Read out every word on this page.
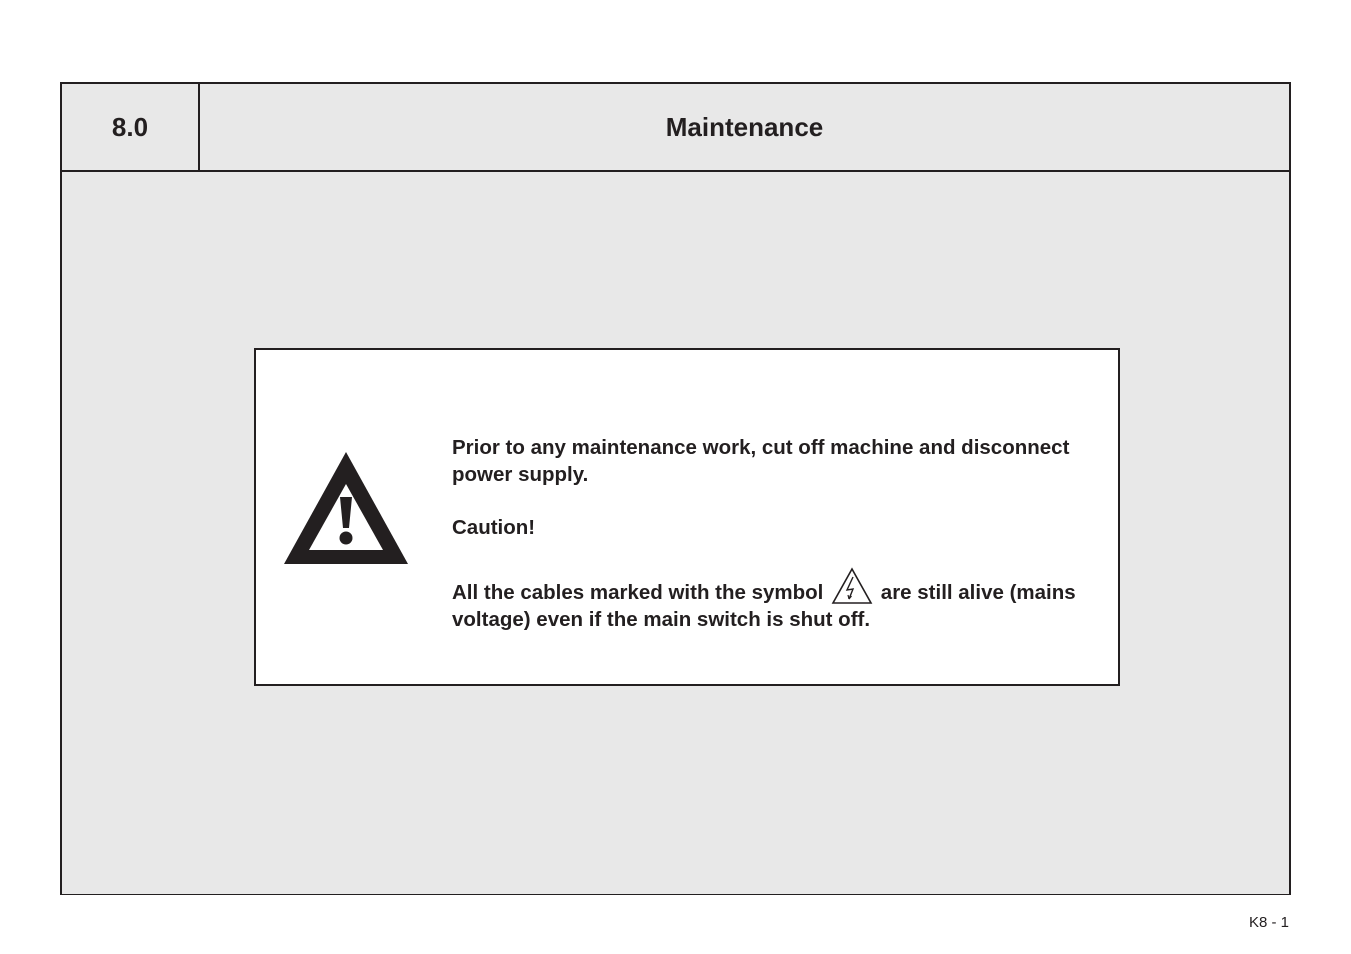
8.0	Maintenance

Prior to any maintenance work, cut off machine and disconnect power supply.

Caution!

All the cables marked with the symbol	are still alive (mains voltage) even if the main switch is shut off.

K8 - 1
